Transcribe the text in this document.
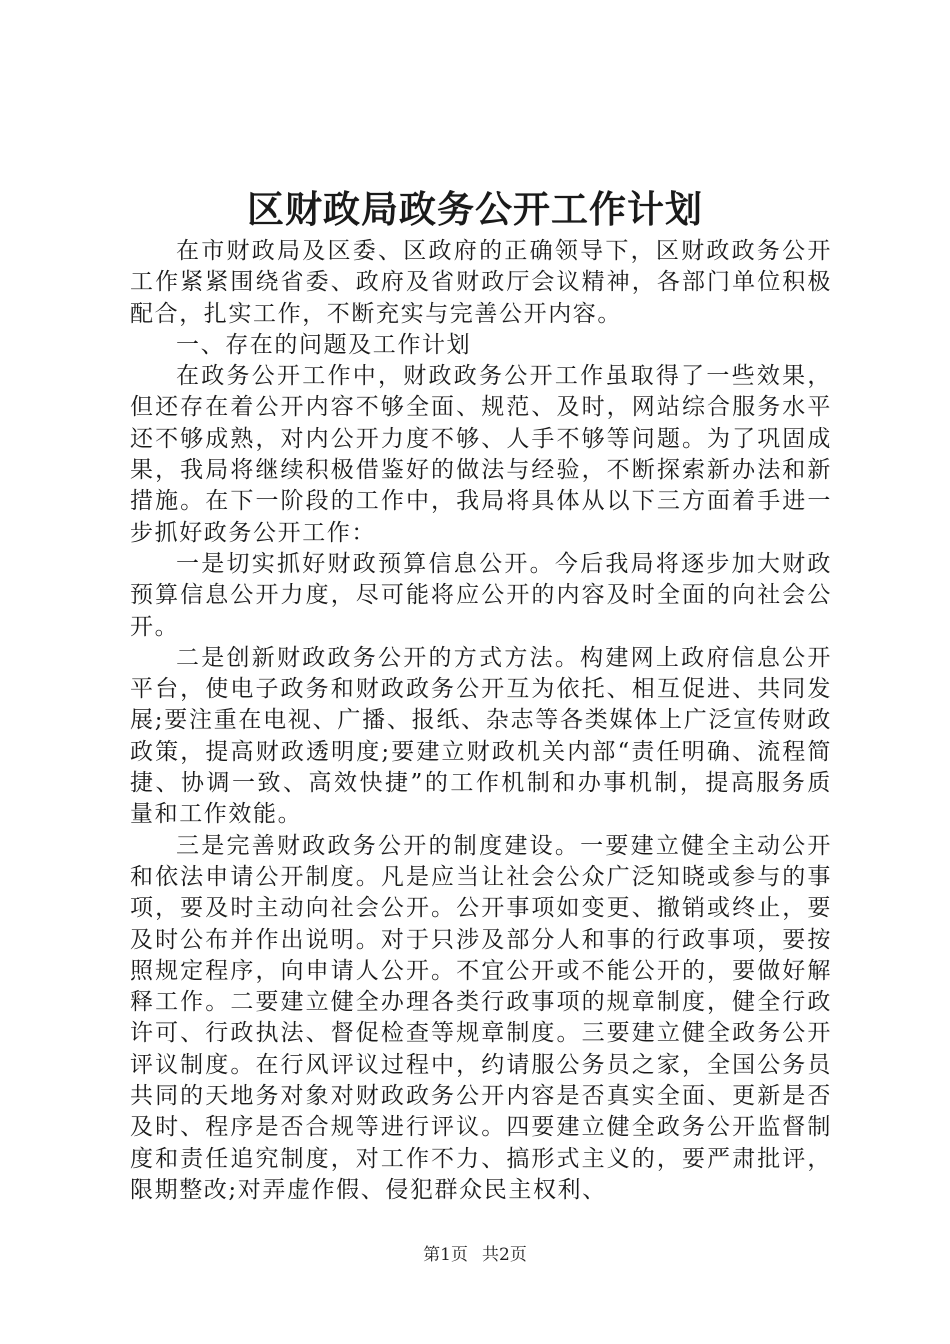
区财政局政务公开工作计划

在市财政局及区委、区政府的正确领导下，区财政政务公开工作紧紧围绕省委、政府及省财政厅会议精神，各部门单位积极配合，扎实工作，不断充实与完善公开内容。

一、存在的问题及工作计划

在政务公开工作中，财政政务公开工作虽取得了一些效果，但还存在着公开内容不够全面、规范、及时，网站综合服务水平还不够成熟，对内公开力度不够、人手不够等问题。为了巩固成果，我局将继续积极借鉴好的做法与经验，不断探索新办法和新措施。在下一阶段的工作中，我局将具体从以下三方面着手进一步抓好政务公开工作：

一是切实抓好财政预算信息公开。今后我局将逐步加大财政预算信息公开力度，尽可能将应公开的内容及时全面的向社会公开。

二是创新财政政务公开的方式方法。构建网上政府信息公开平台，使电子政务和财政政务公开互为依托、相互促进、共同发展;要注重在电视、广播、报纸、杂志等各类媒体上广泛宣传财政政策，提高财政透明度;要建立财政机关内部“责任明确、流程简捷、协调一致、高效快捷”的工作机制和办事机制，提高服务质量和工作效能。

三是完善财政政务公开的制度建设。一要建立健全主动公开和依法申请公开制度。凡是应当让社会公众广泛知晓或参与的事项，要及时主动向社会公开。公开事项如变更、撤销或终止，要及时公布并作出说明。对于只涉及部分人和事的行政事项，要按照规定程序，向申请人公开。不宜公开或不能公开的，要做好解释工作。二要建立健全办理各类行政事项的规章制度，健全行政许可、行政执法、督促检查等规章制度。三要建立健全政务公开评议制度。在行风评议过程中，约请服公务员之家，全国公务员共同的天地务对象对财政政务公开内容是否真实全面、更新是否及时、程序是否合规等进行评议。四要建立健全政务公开监督制度和责任追究制度，对工作不力、搞形式主义的，要严肃批评，限期整改;对弄虚作假、侵犯群众民主权利、

第1页 共2页
